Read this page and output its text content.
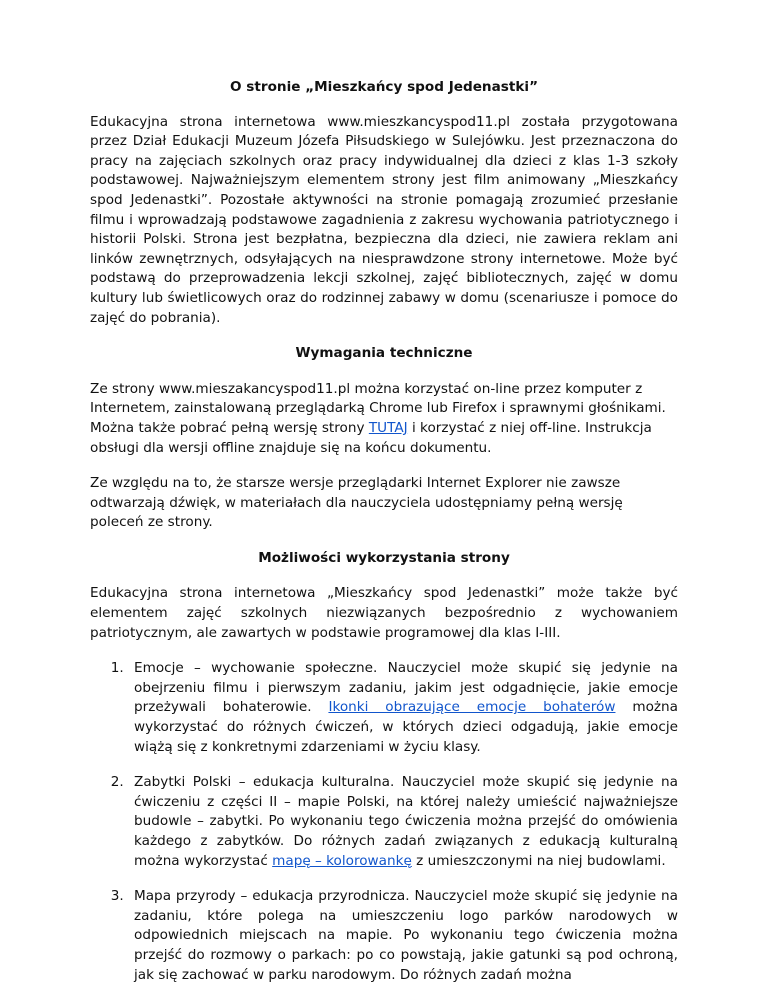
O stronie „Mieszkańcy spod Jedenastki”

Edukacyjna strona internetowa www.mieszkancyspod11.pl została przygotowana przez Dział Edukacji Muzeum Józefa Piłsudskiego w Sulejówku. Jest przeznaczona do pracy na zajęciach szkolnych oraz pracy indywidualnej dla dzieci z klas 1-3 szkoły podstawowej. Najważniejszym elementem strony jest film animowany „Mieszkańcy spod Jedenastki”. Pozostałe aktywności na stronie pomagają zrozumieć przesłanie filmu i wprowadzają podstawowe zagadnienia z zakresu wychowania patriotycznego i historii Polski. Strona jest bezpłatna, bezpieczna dla dzieci, nie zawiera reklam ani linków zewnętrznych, odsyłających na niesprawdzone strony internetowe. Może być podstawą do przeprowadzenia lekcji szkolnej, zajęć bibliotecznych, zajęć w domu kultury lub świetlicowych oraz do rodzinnej zabawy w domu (scenariusze i pomoce do zajęć do pobrania).

Wymagania techniczne

Ze strony www.mieszakancyspod11.pl można korzystać on-line przez komputer z Internetem, zainstalowaną przeglądarką Chrome lub Firefox i sprawnymi głośnikami. Można także pobrać pełną wersję strony TUTAJ i korzystać z niej off-line. Instrukcja obsługi dla wersji offline znajduje się na końcu dokumentu.

Ze względu na to, że starsze wersje przeglądarki Internet Explorer nie zawsze odtwarzają dźwięk, w materiałach dla nauczyciela udostępniamy pełną wersję poleceń ze strony.

Możliwości wykorzystania strony

Edukacyjna strona internetowa „Mieszkańcy spod Jedenastki” może także być elementem zajęć szkolnych niezwiązanych bezpośrednio z wychowaniem patriotycznym, ale zawartych w podstawie programowej dla klas I-III.

1. Emocje – wychowanie społeczne. Nauczyciel może skupić się jedynie na obejrzeniu filmu i pierwszym zadaniu, jakim jest odgadnięcie, jakie emocje przeżywali bohaterowie. Ikonki obrazujące emocje bohaterów można wykorzystać do różnych ćwiczeń, w których dzieci odgadują, jakie emocje wiążą się z konkretnymi zdarzeniami w życiu klasy.
2. Zabytki Polski – edukacja kulturalna. Nauczyciel może skupić się jedynie na ćwiczeniu z części II – mapie Polski, na której należy umieścić najważniejsze budowle – zabytki. Po wykonaniu tego ćwiczenia można przejść do omówienia każdego z zabytków. Do różnych zadań związanych z edukacją kulturalną można wykorzystać mapę – kolorowankę z umieszczonymi na niej budowlami.
3. Mapa przyrody – edukacja przyrodnicza. Nauczyciel może skupić się jedynie na zadaniu, które polega na umieszczeniu logo parków narodowych w odpowiednich miejscach na mapie. Po wykonaniu tego ćwiczenia można przejść do rozmowy o parkach: po co powstają, jakie gatunki są pod ochroną, jak się zachować w parku narodowym. Do różnych zadań można
